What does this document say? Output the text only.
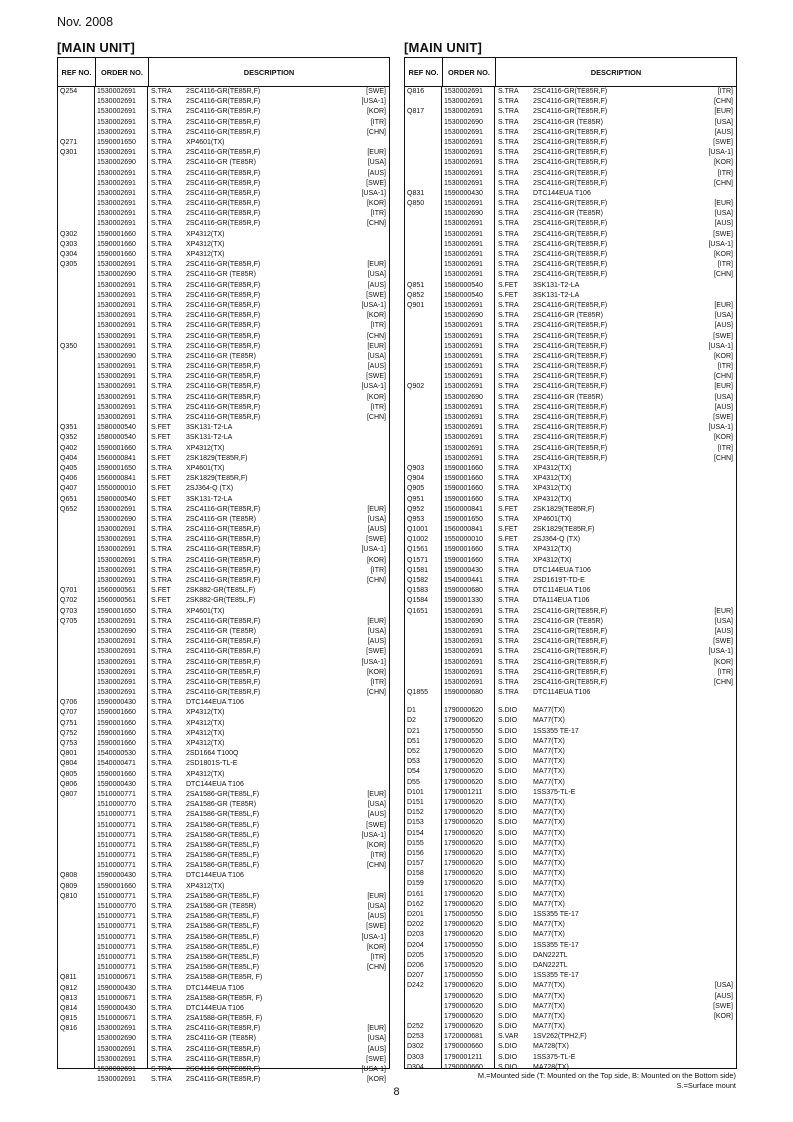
Nov. 2008
[MAIN UNIT]	[MAIN UNIT]
REF NO.	ORDER NO.	DESCRIPTION
Q254	1530002691 S.TRA 2SC4116-GR(TE85R,F)	[SWE]
1530002691 S.TRA 2SC4116-GR(TE85R,F)	[USA-1]
1530002691 S.TRA 2SC4116-GR(TE85R,F)	[KOR]
1530002691 S.TRA 2SC4116-GR(TE85R,F)	[ITR]
1530002691 S.TRA 2SC4116-GR(TE85R,F)	[CHN]
Q271	1590001650 S.TRA XP4601(TX)
Q301	1530002691 S.TRA 2SC4116-GR(TE85R,F)	[EUR]
1530002690 S.TRA 2SC4116-GR (TE85R)	[USA]
1530002691 S.TRA 2SC4116-GR(TE85R,F)	[AUS]
1530002691 S.TRA 2SC4116-GR(TE85R,F)	[SWE]
1530002691 S.TRA 2SC4116-GR(TE85R,F)	[USA-1]
1530002691 S.TRA 2SC4116-GR(TE85R,F)	[KOR]
1530002691 S.TRA 2SC4116-GR(TE85R,F)	[ITR]
1530002691 S.TRA 2SC4116-GR(TE85R,F)	[CHN]
Q302	1590001660 S.TRA XP4312(TX)
Q303	1590001660 S.TRA XP4312(TX)
Q304	1590001660 S.TRA XP4312(TX)
Q305	1530002691 S.TRA 2SC4116-GR(TE85R,F)	[EUR]
1530002690 S.TRA 2SC4116-GR (TE85R)	[USA]
1530002691 S.TRA 2SC4116-GR(TE85R,F)	[AUS]
1530002691 S.TRA 2SC4116-GR(TE85R,F)	[SWE]
1530002691 S.TRA 2SC4116-GR(TE85R,F)	[USA-1]
1530002691 S.TRA 2SC4116-GR(TE85R,F)	[KOR]
1530002691 S.TRA 2SC4116-GR(TE85R,F)	[ITR]
1530002691 S.TRA 2SC4116-GR(TE85R,F)	[CHN]
Q350	1530002691 S.TRA 2SC4116-GR(TE85R,F)	[EUR]
1530002690 S.TRA 2SC4116-GR (TE85R)	[USA]
1530002691 S.TRA 2SC4116-GR(TE85R,F)	[AUS]
1530002691 S.TRA 2SC4116-GR(TE85R,F)	[SWE]
1530002691 S.TRA 2SC4116-GR(TE85R,F)	[USA-1]
1530002691 S.TRA 2SC4116-GR(TE85R,F)	[KOR]
1530002691 S.TRA 2SC4116-GR(TE85R,F)	[ITR]
1530002691 S.TRA 2SC4116-GR(TE85R,F)	[CHN]
Q351	1580000540 S.FET 3SK131-T2-LA
Q352	1580000540 S.FET 3SK131-T2-LA
Q402	1590001660 S.TRA XP4312(TX)
Q404	1560000841 S.FET 2SK1829(TE85R,F)
Q405	1590001650 S.TRA XP4601(TX)
Q406	1560000841 S.FET 2SK1829(TE85R,F)
Q407	1550000010 S.FET 2SJ364-Q (TX)
Q651	1580000540 S.FET 3SK131-T2-LA
Q652	1530002691 S.TRA 2SC4116-GR(TE85R,F)	[EUR]
1530002690 S.TRA 2SC4116-GR (TE85R)	[USA]
1530002691 S.TRA 2SC4116-GR(TE85R,F)	[AUS]
1530002691 S.TRA 2SC4116-GR(TE85R,F)	[SWE]
1530002691 S.TRA 2SC4116-GR(TE85R,F)	[USA-1]
1530002691 S.TRA 2SC4116-GR(TE85R,F)	[KOR]
1530002691 S.TRA 2SC4116-GR(TE85R,F)	[ITR]
1530002691 S.TRA 2SC4116-GR(TE85R,F)	[CHN]
Q701	1560000561 S.FET 2SK882-GR(TE85L,F)
Q702	1560000561 S.FET 2SK882-GR(TE85L,F)
Q703	1590001650 S.TRA XP4601(TX)
Q705	1530002691 S.TRA 2SC4116-GR(TE85R,F)	[EUR]
1530002690 S.TRA 2SC4116-GR (TE85R)	[USA]
1530002691 S.TRA 2SC4116-GR(TE85R,F)	[AUS]
1530002691 S.TRA 2SC4116-GR(TE85R,F)	[SWE]
1530002691 S.TRA 2SC4116-GR(TE85R,F)	[USA-1]
1530002691 S.TRA 2SC4116-GR(TE85R,F)	[KOR]
1530002691 S.TRA 2SC4116-GR(TE85R,F)	[ITR]
1530002691 S.TRA 2SC4116-GR(TE85R,F)	[CHN]
Q706	1590000430 S.TRA DTC144EUA T106
Q707	1590001660 S.TRA XP4312(TX)
Q751	1590001660 S.TRA XP4312(TX)
Q752	1590001660 S.TRA XP4312(TX)
Q753	1590001660 S.TRA XP4312(TX)
Q801	1540000530 S.TRA 2SD1664 T100Q
Q804	1540000471 S.TRA 2SD1801S-TL-E
Q805	1590001660 S.TRA XP4312(TX)
Q806	1590000430 S.TRA DTC144EUA T106
Q807	1510000771 S.TRA 2SA1586-GR(TE85L,F)	[EUR]
1510000770 S.TRA 2SA1586-GR (TE85R)	[USA]
1510000771 S.TRA 2SA1586-GR(TE85L,F)	[AUS]
1510000771 S.TRA 2SA1586-GR(TE85L,F)	[SWE]
1510000771 S.TRA 2SA1586-GR(TE85L,F)	[USA-1]
1510000771 S.TRA 2SA1586-GR(TE85L,F)	[KOR]
1510000771 S.TRA 2SA1586-GR(TE85L,F)	[ITR]
1510000771 S.TRA 2SA1586-GR(TE85L,F)	[CHN]
Q808	1590000430 S.TRA DTC144EUA T106
Q809	1590001660 S.TRA XP4312(TX)
Q810	1510000771 S.TRA 2SA1586-GR(TE85L,F)	[EUR]
1510000770 S.TRA 2SA1586-GR (TE85R)	[USA]
1510000771 S.TRA 2SA1586-GR(TE85L,F)	[AUS]
1510000771 S.TRA 2SA1586-GR(TE85L,F)	[SWE]
1510000771 S.TRA 2SA1586-GR(TE85L,F)	[USA-1]
1510000771 S.TRA 2SA1586-GR(TE85L,F)	[KOR]
1510000771 S.TRA 2SA1586-GR(TE85L,F)	[ITR]
1510000771 S.TRA 2SA1586-GR(TE85L,F)	[CHN]
Q811	1510000671 S.TRA 2SA1588-GR(TE85R, F)
Q812	1590000430 S.TRA DTC144EUA T106
Q813	1510000671 S.TRA 2SA1588-GR(TE85R, F)
Q814	1590000430 S.TRA DTC144EUA T106
Q815	1510000671 S.TRA 2SA1588-GR(TE85R, F)
Q816	1530002691 S.TRA 2SC4116-GR(TE85R,F)	[EUR]
1530002690 S.TRA 2SC4116-GR (TE85R)	[USA]
1530002691 S.TRA 2SC4116-GR(TE85R,F)	[AUS]
1530002691 S.TRA 2SC4116-GR(TE85R,F)	[SWE]
1530002691 S.TRA 2SC4116-GR(TE85R,F)	[USA-1]
1530002691 S.TRA 2SC4116-GR(TE85R,F)	[KOR]
REF NO.	ORDER NO.	DESCRIPTION
Q816	1530002691 S.TRA 2SC4116-GR(TE85R,F)	[ITR]
1530002691 S.TRA 2SC4116-GR(TE85R,F)	[CHN]
Q817	1530002691 S.TRA 2SC4116-GR(TE85R,F)	[EUR]
1530002690 S.TRA 2SC4116-GR (TE85R)	[USA]
1530002691 S.TRA 2SC4116-GR(TE85R,F)	[AUS]
1530002691 S.TRA 2SC4116-GR(TE85R,F)	[SWE]
1530002691 S.TRA 2SC4116-GR(TE85R,F)	[USA-1]
1530002691 S.TRA 2SC4116-GR(TE85R,F)	[KOR]
1530002691 S.TRA 2SC4116-GR(TE85R,F)	[ITR]
1530002691 S.TRA 2SC4116-GR(TE85R,F)	[CHN]
Q831	1590000430 S.TRA DTC144EUA T106
Q850	1530002691 S.TRA 2SC4116-GR(TE85R,F)	[EUR]
1530002690 S.TRA 2SC4116-GR (TE85R)	[USA]
1530002691 S.TRA 2SC4116-GR(TE85R,F)	[AUS]
1530002691 S.TRA 2SC4116-GR(TE85R,F)	[SWE]
1530002691 S.TRA 2SC4116-GR(TE85R,F)	[USA-1]
1530002691 S.TRA 2SC4116-GR(TE85R,F)	[KOR]
1530002691 S.TRA 2SC4116-GR(TE85R,F)	[ITR]
1530002691 S.TRA 2SC4116-GR(TE85R,F)	[CHN]
Q851	1580000540 S.FET 3SK131-T2-LA
Q852	1580000540 S.FET 3SK131-T2-LA
Q901	1530002691 S.TRA 2SC4116-GR(TE85R,F)	[EUR]
1530002690 S.TRA 2SC4116-GR (TE85R)	[USA]
1530002691 S.TRA 2SC4116-GR(TE85R,F)	[AUS]
1530002691 S.TRA 2SC4116-GR(TE85R,F)	[SWE]
1530002691 S.TRA 2SC4116-GR(TE85R,F)	[USA-1]
1530002691 S.TRA 2SC4116-GR(TE85R,F)	[KOR]
1530002691 S.TRA 2SC4116-GR(TE85R,F)	[ITR]
1530002691 S.TRA 2SC4116-GR(TE85R,F)	[CHN]
Q902	1530002691 S.TRA 2SC4116-GR(TE85R,F)	[EUR]
1530002690 S.TRA 2SC4116-GR (TE85R)	[USA]
1530002691 S.TRA 2SC4116-GR(TE85R,F)	[AUS]
1530002691 S.TRA 2SC4116-GR(TE85R,F)	[SWE]
1530002691 S.TRA 2SC4116-GR(TE85R,F)	[USA-1]
1530002691 S.TRA 2SC4116-GR(TE85R,F)	[KOR]
1530002691 S.TRA 2SC4116-GR(TE85R,F)	[ITR]
1530002691 S.TRA 2SC4116-GR(TE85R,F)	[CHN]
Q903	1590001660 S.TRA XP4312(TX)
Q904	1590001660 S.TRA XP4312(TX)
Q905	1590001660 S.TRA XP4312(TX)
Q951	1590001660 S.TRA XP4312(TX)
Q952	1560000841 S.FET 2SK1829(TE85R,F)
Q953	1590001650 S.TRA XP4601(TX)
Q1001 1560000841 S.FET 2SK1829(TE85R,F)
Q1002 1550000010 S.FET 2SJ364-Q (TX)
Q1561 1590001660 S.TRA XP4312(TX)
Q1571 1590001660 S.TRA XP4312(TX)
Q1581 1590000430 S.TRA DTC144EUA T106
Q1582 1540000441 S.TRA 2SD1619T-TD-E
Q1583 1590000680 S.TRA DTC114EUA T106
Q1584 1590001330 S.TRA DTA114EUA T106
Q1651 1530002691 S.TRA 2SC4116-GR(TE85R,F)	[EUR]
1530002690 S.TRA 2SC4116-GR (TE85R)	[USA]
1530002691 S.TRA 2SC4116-GR(TE85R,F)	[AUS]
1530002691 S.TRA 2SC4116-GR(TE85R,F)	[SWE]
1530002691 S.TRA 2SC4116-GR(TE85R,F)	[USA-1]
1530002691 S.TRA 2SC4116-GR(TE85R,F)	[KOR]
1530002691 S.TRA 2SC4116-GR(TE85R,F)	[ITR]
1530002691 S.TRA 2SC4116-GR(TE85R,F)	[CHN]
Q1855 1590000680 S.TRA DTC114EUA T106
D1	1790000620 S.DIO MA77(TX)
D2	1790000620 S.DIO MA77(TX)
D21	1750000550 S.DIO 1SS355 TE-17
D51	1790000620 S.DIO MA77(TX)
D52	1790000620 S.DIO MA77(TX)
D53	1790000620 S.DIO MA77(TX)
D54	1790000620 S.DIO MA77(TX)
D55	1790000620 S.DIO MA77(TX)
D101	1790001211 S.DIO 1SS375-TL-E
D151	1790000620 S.DIO MA77(TX)
D152	1790000620 S.DIO MA77(TX)
D153	1790000620 S.DIO MA77(TX)
D154	1790000620 S.DIO MA77(TX)
D155	1790000620 S.DIO MA77(TX)
D156	1790000620 S.DIO MA77(TX)
D157	1790000620 S.DIO MA77(TX)
D158	1790000620 S.DIO MA77(TX)
D159	1790000620 S.DIO MA77(TX)
D161	1790000620 S.DIO MA77(TX)
D162	1790000620 S.DIO MA77(TX)
D201	1750000550 S.DIO 1SS355 TE-17
D202	1790000620 S.DIO MA77(TX)
D203	1790000620 S.DIO MA77(TX)
D204	1750000550 S.DIO 1SS355 TE-17
D205	1750000520 S.DIO DAN222TL
D206	1750000520 S.DIO DAN222TL
D207	1750000550 S.DIO 1SS355 TE-17
D242	1790000620 S.DIO MA77(TX)	[USA]
1790000620 S.DIO MA77(TX)	[AUS]
1790000620 S.DIO MA77(TX)	[SWE]
1790000620 S.DIO MA77(TX)	[KOR]
D252	1790000620 S.DIO MA77(TX)
D253	1720000681 S.VAR 1SV262(TPH2,F)
D302	1790000660 S.DIO MA728(TX)
D303	1790001211 S.DIO 1SS375-TL-E
D304	1790000660 S.DIO MA728(TX)
M.=Mounted side (T: Mounted on the Top side, B: Mounted on the Bottom side)
S.=Surface mount
8
